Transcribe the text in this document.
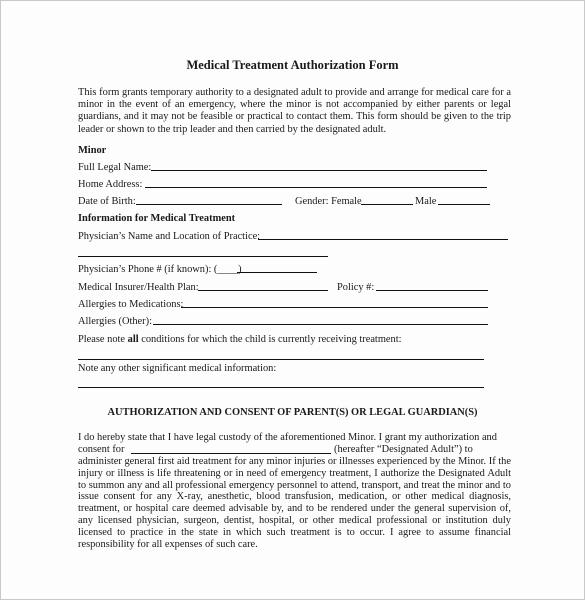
Medical Treatment Authorization Form
This form grants temporary authority to a designated adult to provide and arrange for medical care for a minor in the event of an emergency, where the minor is not accompanied by either parents or legal guardians, and it may not be feasible or practical to contact them. This form should be given to the trip leader or shown to the trip leader and then carried by the designated adult.
Minor
Full Legal Name:
Home Address:
Date of Birth:	Gender: Female	Male
Information for Medical Treatment
Physician’s Name and Location of Practice:
Physician’s Phone # (if known): (____)
Medical Insurer/Health Plan:	Policy #:
Allergies to Medications:
Allergies (Other):
Please note all conditions for which the child is currently receiving treatment:
Note any other significant medical information:
AUTHORIZATION AND CONSENT OF PARENT(S) OR LEGAL GUARDIAN(S)
I do hereby state that I have legal custody of the aforementioned Minor. I grant my authorization and
consent for	(hereafter “Designated Adult”) to
administer general first aid treatment for any minor injuries or illnesses experienced by the Minor. If the injury or illness is life threatening or in need of emergency treatment, I authorize the Designated Adult to summon any and all professional emergency personnel to attend, transport, and treat the minor and to issue consent for any X-ray, anesthetic, blood transfusion, medication, or other medical diagnosis, treatment, or hospital care deemed advisable by, and to be rendered under the general supervision of, any licensed physician, surgeon, dentist, hospital, or other medical professional or institution duly licensed to practice in the state in which such treatment is to occur. I agree to assume financial responsibility for all expenses of such care.
